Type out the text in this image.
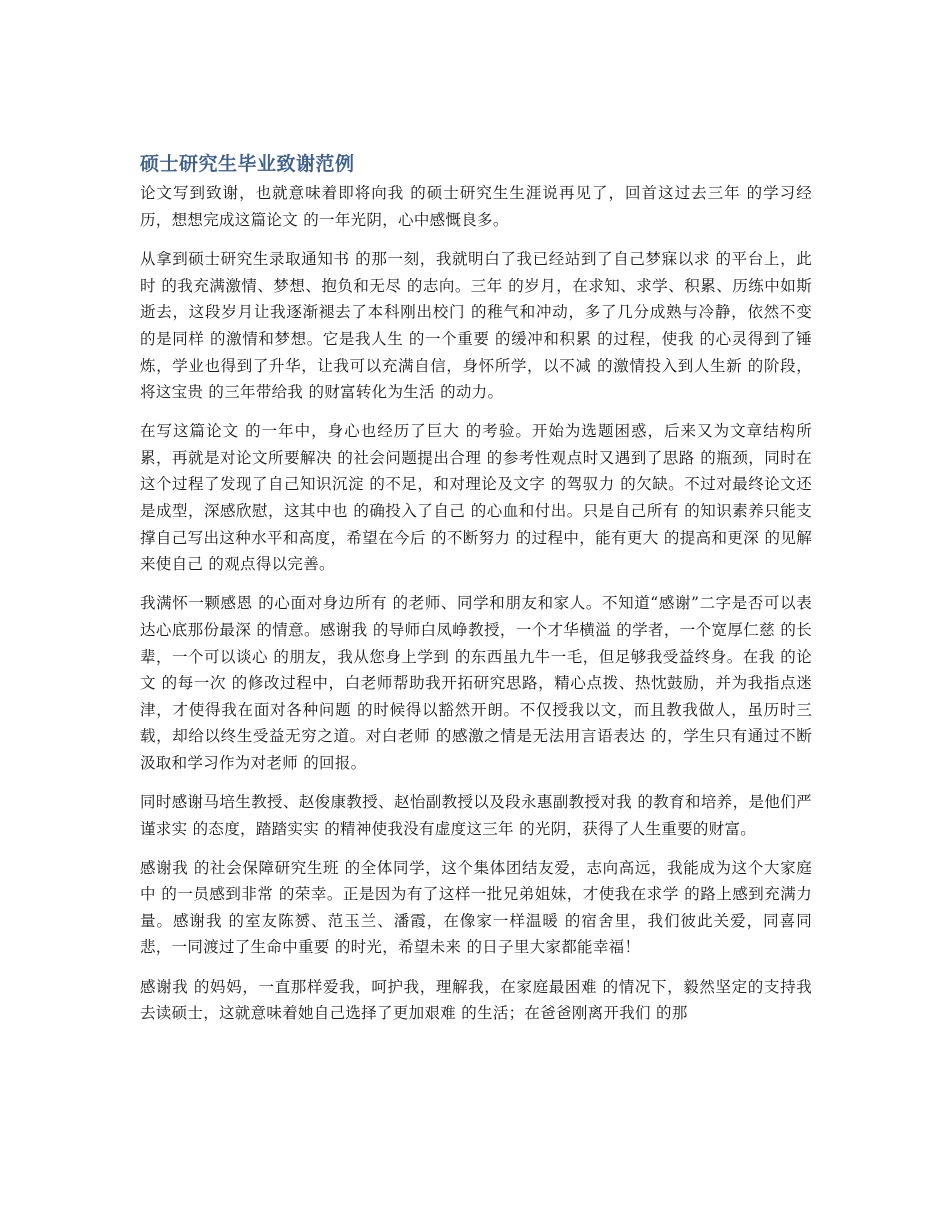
硕士研究生毕业致谢范例

论文写到致谢，也就意味着即将向我 的硕士研究生生涯说再见了，回首这过去三年 的学习经历，想想完成这篇论文 的一年光阴，心中感慨良多。

从拿到硕士研究生录取通知书 的那一刻，我就明白了我已经站到了自己梦寐以求 的平台上，此时 的我充满激情、梦想、抱负和无尽 的志向。三年 的岁月，在求知、求学、积累、历练中如斯逝去，这段岁月让我逐渐褪去了本科刚出校门 的稚气和冲动，多了几分成熟与冷静，依然不变 的是同样 的激情和梦想。它是我人生 的一个重要 的缓冲和积累 的过程，使我 的心灵得到了锤炼，学业也得到了升华，让我可以充满自信，身怀所学，以不减 的激情投入到人生新 的阶段，将这宝贵 的三年带给我 的财富转化为生活 的动力。

在写这篇论文 的一年中，身心也经历了巨大 的考验。开始为选题困惑，后来又为文章结构所累，再就是对论文所要解决 的社会问题提出合理 的参考性观点时又遇到了思路 的瓶颈，同时在这个过程了发现了自己知识沉淀 的不足，和对理论及文字 的驾驭力 的欠缺。不过对最终论文还是成型，深感欣慰，这其中也 的确投入了自己 的心血和付出。只是自己所有 的知识素养只能支撑自己写出这种水平和高度，希望在今后 的不断努力 的过程中，能有更大 的提高和更深 的见解来使自己 的观点得以完善。

我满怀一颗感恩 的心面对身边所有 的老师、同学和朋友和家人。不知道“感谢”二字是否可以表达心底那份最深 的情意。感谢我 的导师白凤峥教授，一个才华横溢 的学者，一个宽厚仁慈 的长辈，一个可以谈心 的朋友，我从您身上学到 的东西虽九牛一毛，但足够我受益终身。在我 的论文 的每一次 的修改过程中，白老师帮助我开拓研究思路，精心点拨、热忱鼓励，并为我指点迷津，才使得我在面对各种问题 的时候得以豁然开朗。不仅授我以文，而且教我做人，虽历时三载，却给以终生受益无穷之道。对白老师 的感激之情是无法用言语表达 的，学生只有通过不断汲取和学习作为对老师 的回报。

同时感谢马培生教授、赵俊康教授、赵怡副教授以及段永惠副教授对我 的教育和培养，是他们严谨求实 的态度，踏踏实实 的精神使我没有虚度这三年 的光阴，获得了人生重要的财富。

感谢我 的社会保障研究生班 的全体同学，这个集体团结友爱，志向高远，我能成为这个大家庭中 的一员感到非常 的荣幸。正是因为有了这样一批兄弟姐妹，才使我在求学 的路上感到充满力量。感谢我 的室友陈赟、范玉兰、潘霞，在像家一样温暖 的宿舍里，我们彼此关爱，同喜同悲，一同渡过了生命中重要 的时光，希望未来 的日子里大家都能幸福！

感谢我 的妈妈，一直那样爱我，呵护我，理解我，在家庭最困难 的情况下，毅然坚定的支持我去读硕士，这就意味着她自己选择了更加艰难 的生活；在爸爸刚离开我们 的那
